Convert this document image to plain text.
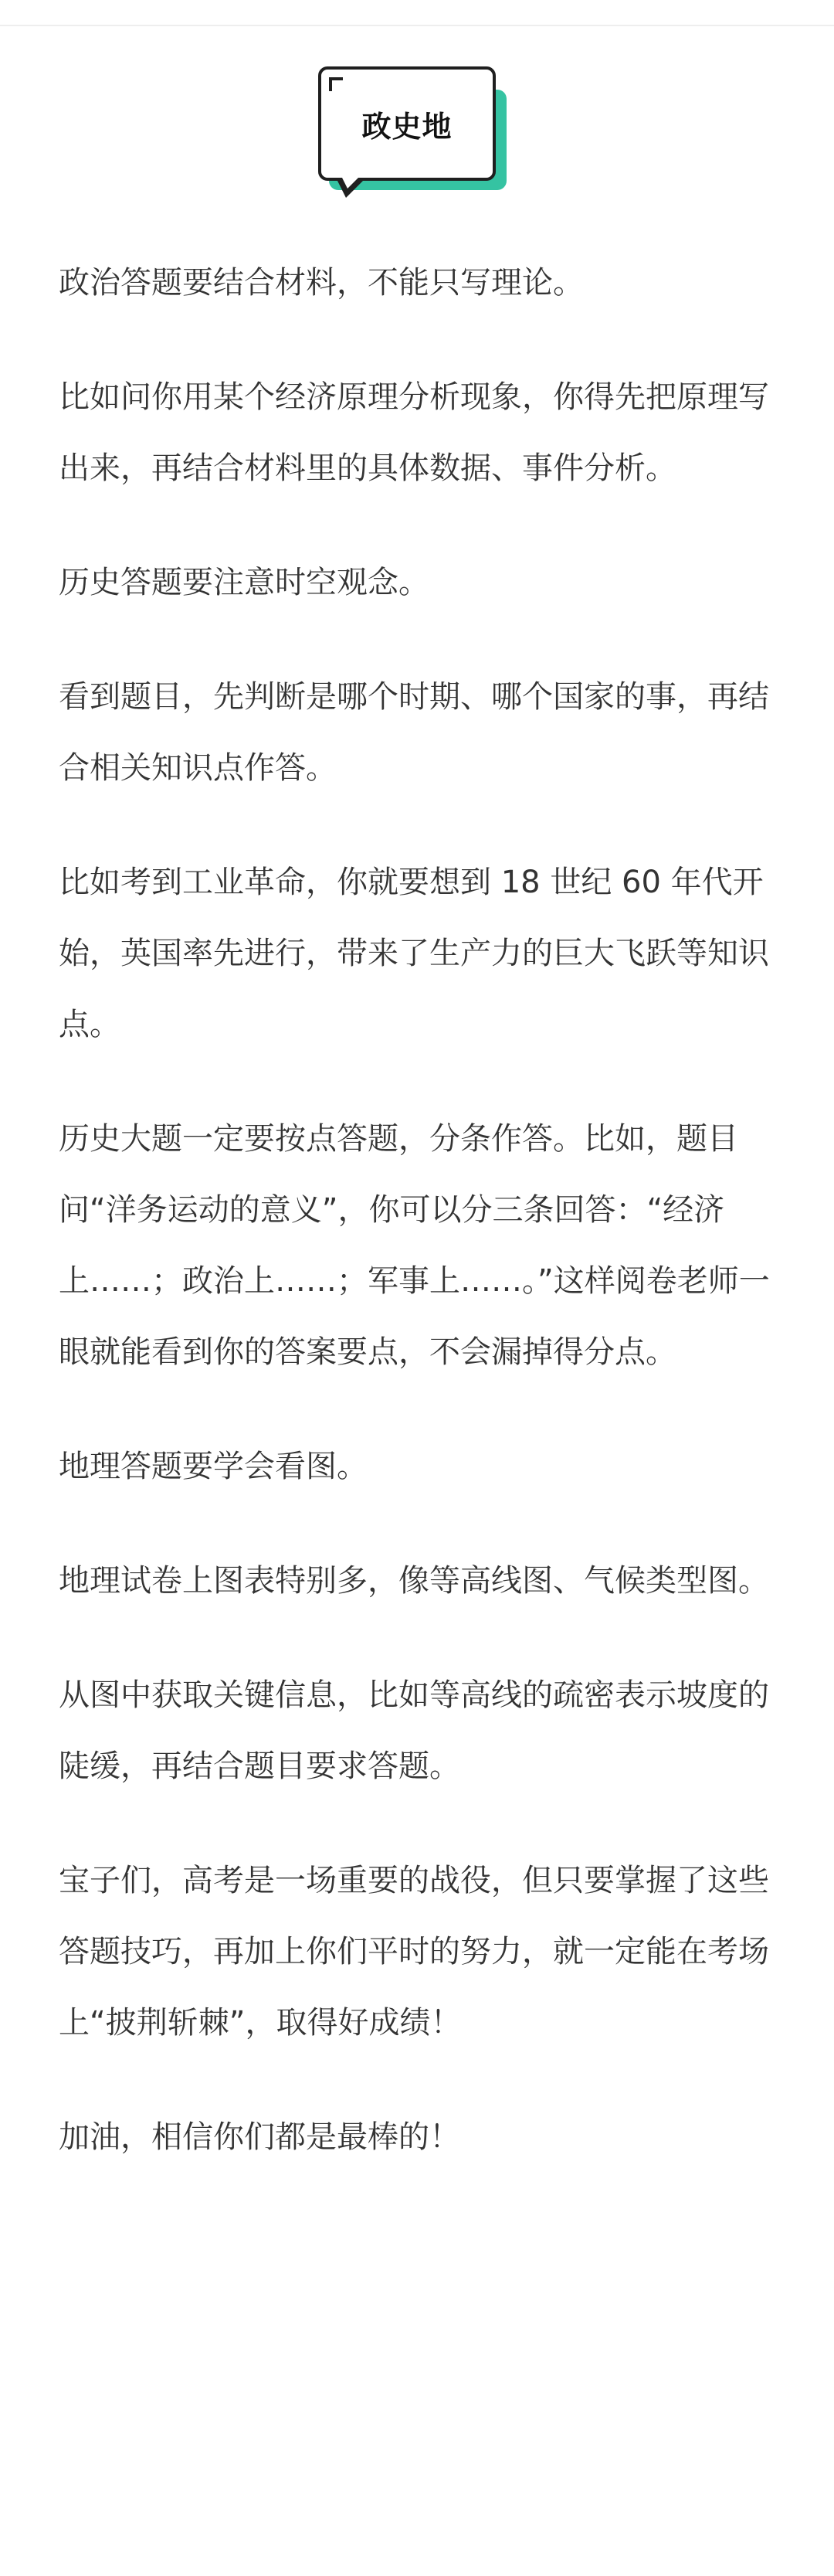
政史地

政治答题要结合材料，不能只写理论。

比如问你用某个经济原理分析现象，你得先把原理写出来，再结合材料里的具体数据、事件分析。

历史答题要注意时空观念。

看到题目，先判断是哪个时期、哪个国家的事，再结合相关知识点作答。

比如考到工业革命，你就要想到 18 世纪 60 年代开始，英国率先进行，带来了生产力的巨大飞跃等知识点。

历史大题一定要按点答题，分条作答。比如，题目问“洋务运动的意义”，你可以分三条回答：“经济上……；政治上……；军事上……。”这样阅卷老师一眼就能看到你的答案要点，不会漏掉得分点。

地理答题要学会看图。

地理试卷上图表特别多，像等高线图、气候类型图。

从图中获取关键信息，比如等高线的疏密表示坡度的陡缓，再结合题目要求答题。

宝子们，高考是一场重要的战役，但只要掌握了这些答题技巧，再加上你们平时的努力，就一定能在考场上“披荆斩棘”，取得好成绩！

加油，相信你们都是最棒的！
